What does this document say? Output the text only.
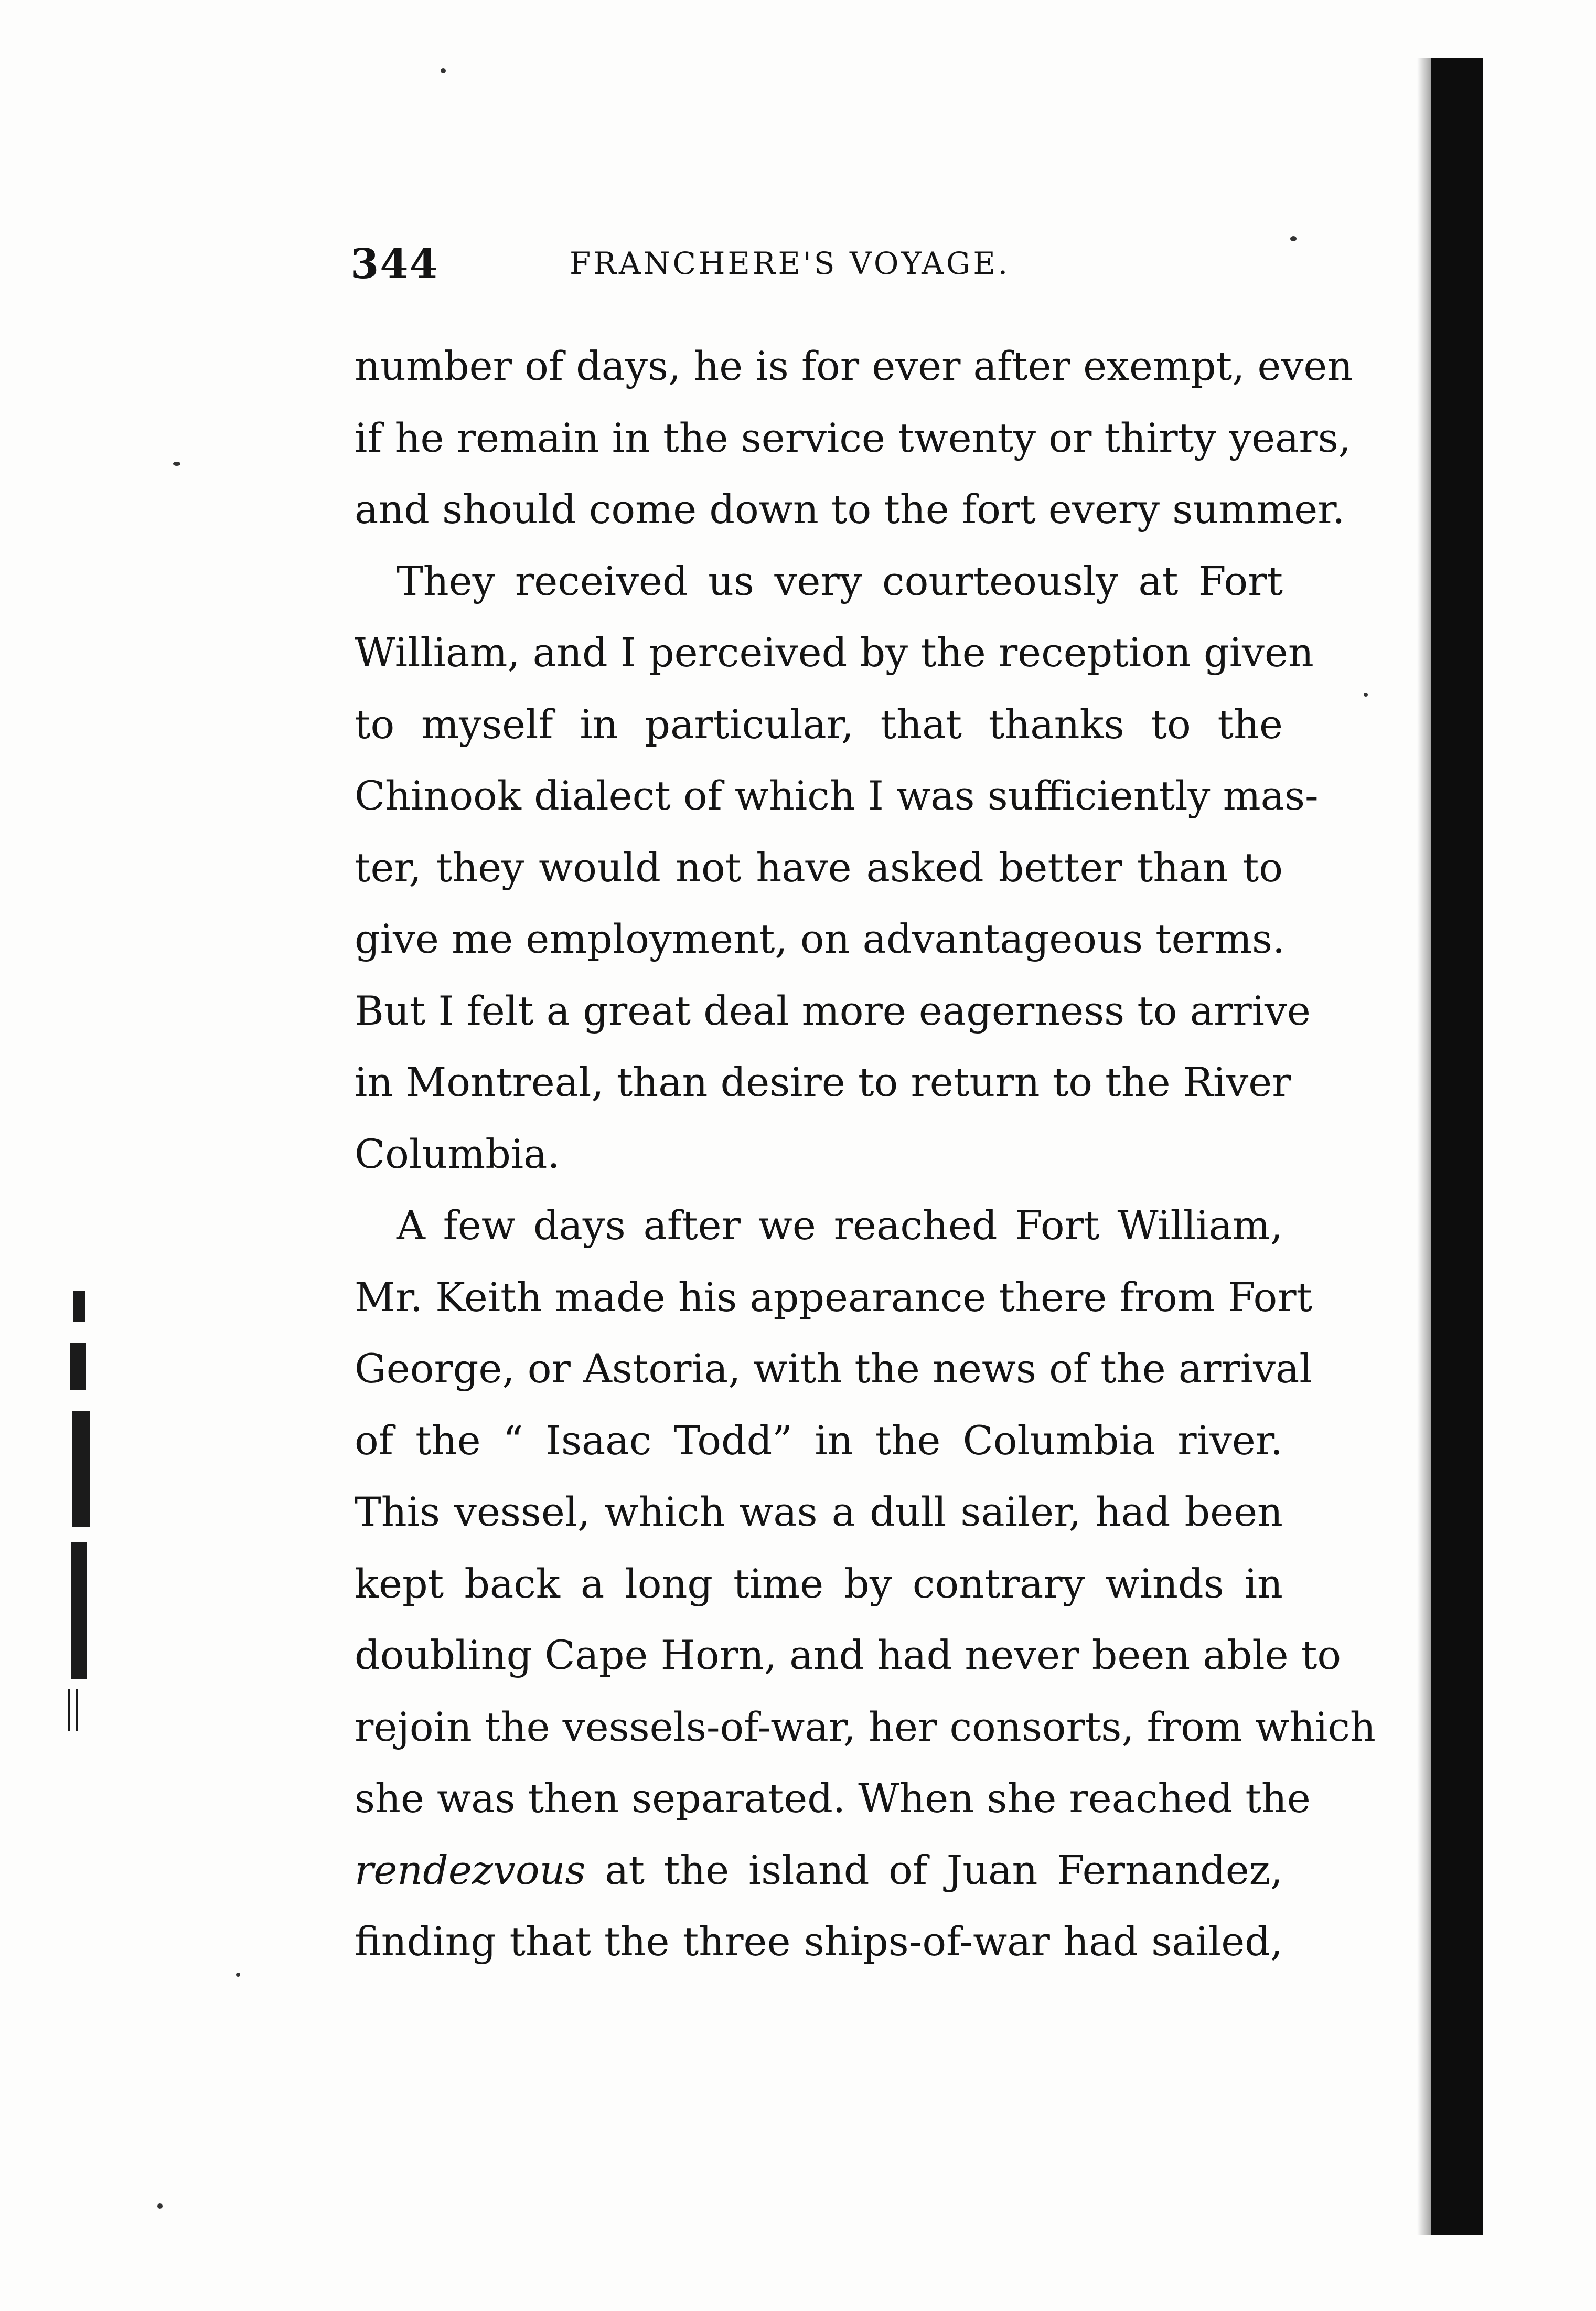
344	FRANCHERE'S VOYAGE.
number of days, he is for ever after exempt, even
if he remain in the service twenty or thirty years,
and should come down to the fort every summer.
They received us very courteously at Fort
William, and I perceived by the reception given
to myself in particular, that thanks to the
Chinook dialect of which I was sufficiently mas-
ter, they would not have asked better than to
give me employment, on advantageous terms.
But I felt a great deal more eagerness to arrive
in Montreal, than desire to return to the River
Columbia.
A few days after we reached Fort William,
Mr. Keith made his appearance there from Fort
George, or Astoria, with the news of the arrival
of the “ Isaac Todd” in the Columbia river.
This vessel, which was a dull sailer, had been
kept back a long time by contrary winds in
doubling Cape Horn, and had never been able to
rejoin the vessels-of-war, her consorts, from which
she was then separated. When she reached the
rendezvous at the island of Juan Fernandez,
finding that the three ships-of-war had sailed,
